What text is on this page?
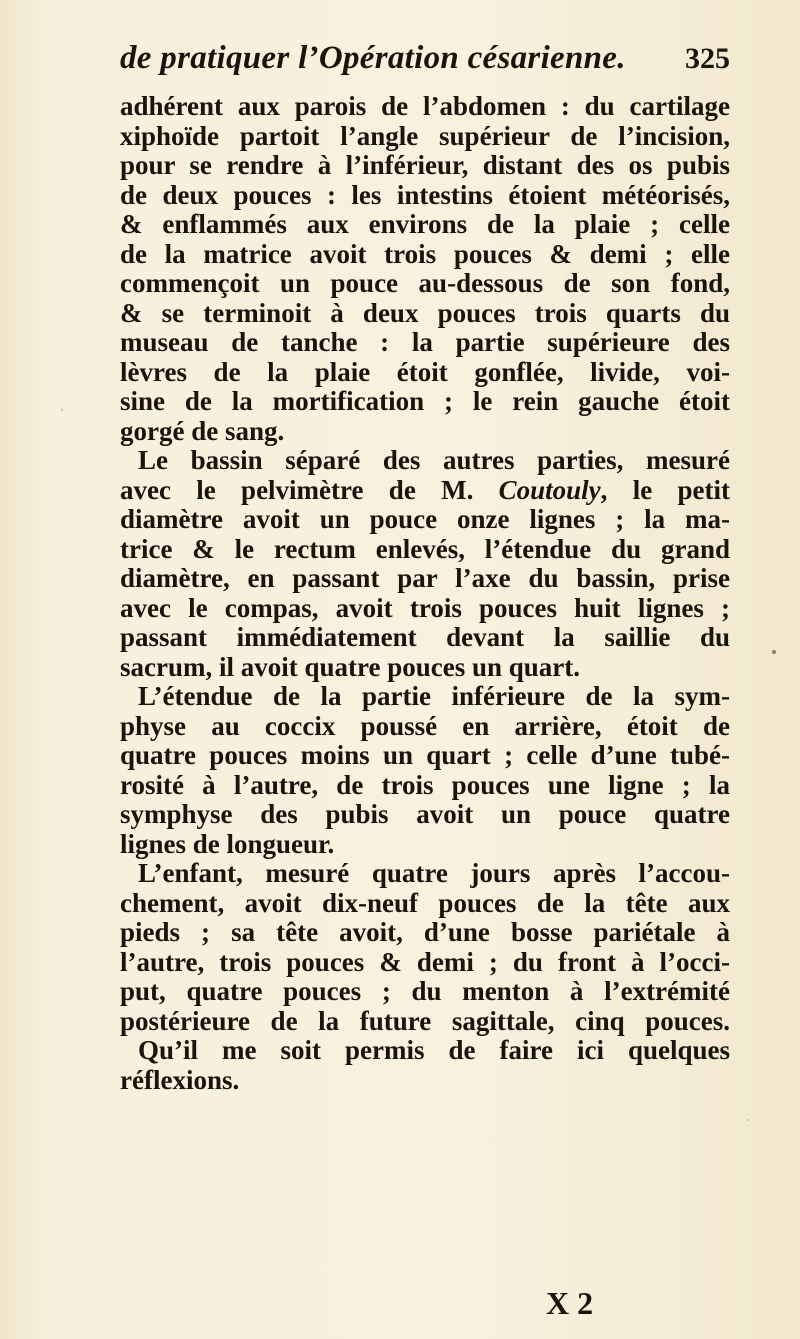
de pratiquer l’Opération césarienne. 325
adhérent aux parois de l’abdomen : du cartilage
xiphoïde partoit l’angle supérieur de l’incision,
pour se rendre à l’inférieur, distant des os pubis
de deux pouces : les intestins étoient météorisés,
& enflammés aux environs de la plaie ; celle
de la matrice avoit trois pouces & demi ; elle
commençoit un pouce au-dessous de son fond,
& se terminoit à deux pouces trois quarts du
museau de tanche : la partie supérieure des
lèvres de la plaie étoit gonflée, livide, voi-
sine de la mortification ; le rein gauche étoit
gorgé de sang.
Le bassin séparé des autres parties, mesuré
avec le pelvimètre de M. Coutouly, le petit
diamètre avoit un pouce onze lignes ; la ma-
trice & le rectum enlevés, l’étendue du grand
diamètre, en passant par l’axe du bassin, prise
avec le compas, avoit trois pouces huit lignes ;
passant immédiatement devant la saillie du
sacrum, il avoit quatre pouces un quart.
L’étendue de la partie inférieure de la sym-
physe au coccix poussé en arrière, étoit de
quatre pouces moins un quart ; celle d’une tubé-
rosité à l’autre, de trois pouces une ligne ; la
symphyse des pubis avoit un pouce quatre
lignes de longueur.
L’enfant, mesuré quatre jours après l’accou-
chement, avoit dix-neuf pouces de la tête aux
pieds ; sa tête avoit, d’une bosse pariétale à
l’autre, trois pouces & demi ; du front à l’occi-
put, quatre pouces ; du menton à l’extrémité
postérieure de la future sagittale, cinq pouces.
Qu’il me soit permis de faire ici quelques
réflexions.
X 2
